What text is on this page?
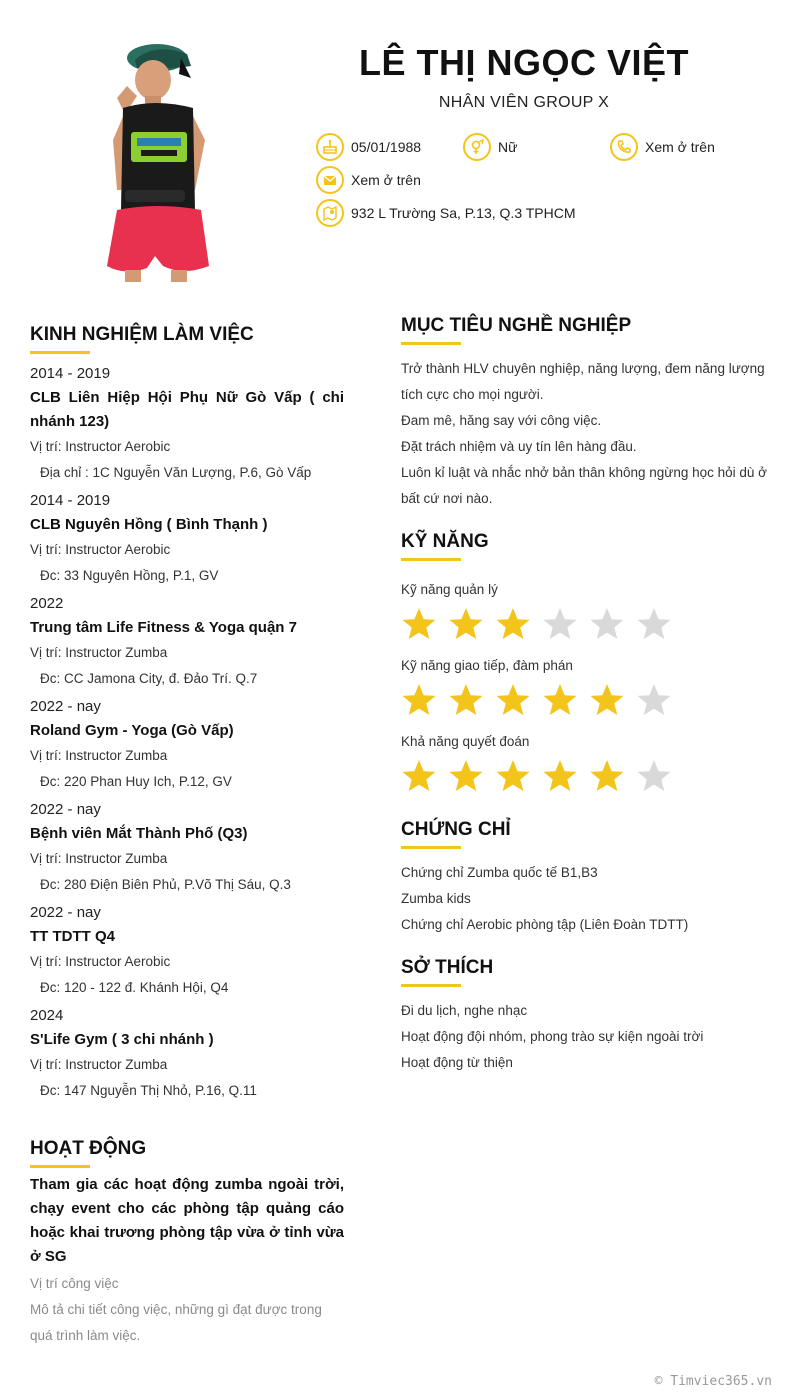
LÊ THỊ NGỌC VIỆT
NHÂN VIÊN GROUP X
05/01/1988	Nữ	Xem ở trên
Xem ở trên
932 L Trường Sa, P.13, Q.3 TPHCM
KINH NGHIỆM LÀM VIỆC
2014 - 2019
CLB Liên Hiệp Hội Phụ Nữ Gò Vấp ( chi nhánh 123)
Vị trí: Instructor Aerobic
Địa chỉ : 1C Nguyễn Văn Lượng, P.6, Gò Vấp
2014 - 2019
CLB Nguyên Hồng ( Bình Thạnh )
Vị trí: Instructor Aerobic
Đc: 33 Nguyên Hồng, P.1, GV
2022
Trung tâm Life Fitness & Yoga quận 7
Vị trí: Instructor Zumba
Đc: CC Jamona City, đ. Đảo Trí. Q.7
2022 - nay
Roland Gym - Yoga (Gò Vấp)
Vị trí: Instructor Zumba
Đc: 220 Phan Huy Ich, P.12, GV
2022 - nay
Bệnh viên Mắt Thành Phố (Q3)
Vị trí: Instructor Zumba
Đc: 280 Điện Biên Phủ, P.Võ Thị Sáu, Q.3
2022 - nay
TT TDTT Q4
Vị trí: Instructor Aerobic
Đc: 120 - 122 đ. Khánh Hội, Q4
2024
S'Life Gym ( 3 chi nhánh )
Vị trí: Instructor Zumba
Đc: 147 Nguyễn Thị Nhỏ, P.16, Q.11
HOẠT ĐỘNG
Tham gia các hoạt động zumba ngoài trời, chạy event cho các phòng tập quảng cáo hoặc khai trương phòng tập vừa ở tỉnh vừa ở SG
Vị trí công việc
Mô tả chi tiết công việc, những gì đạt được trong quá trình làm việc.
MỤC TIÊU NGHỀ NGHIỆP
Trở thành HLV chuyên nghiệp, năng lượng, đem năng lượng tích cực cho mọi người.
Đam mê, hăng say với công việc.
Đặt trách nhiệm và uy tín lên hàng đầu.
Luôn kỉ luật và nhắc nhở bản thân không ngừng học hỏi dù ở bất cứ nơi nào.
KỸ NĂNG
Kỹ năng quản lý
Kỹ năng giao tiếp, đàm phán
Khả năng quyết đoán
CHỨNG CHỈ
Chứng chỉ Zumba quốc tế B1,B3
Zumba kids
Chứng chỉ Aerobic phòng tập (Liên Đoàn TDTT)
SỞ THÍCH
Đi du lịch, nghe nhạc
Hoạt động đội nhóm, phong trào sự kiện ngoài trời
Hoạt động từ thiện
© Timviec365.vn
